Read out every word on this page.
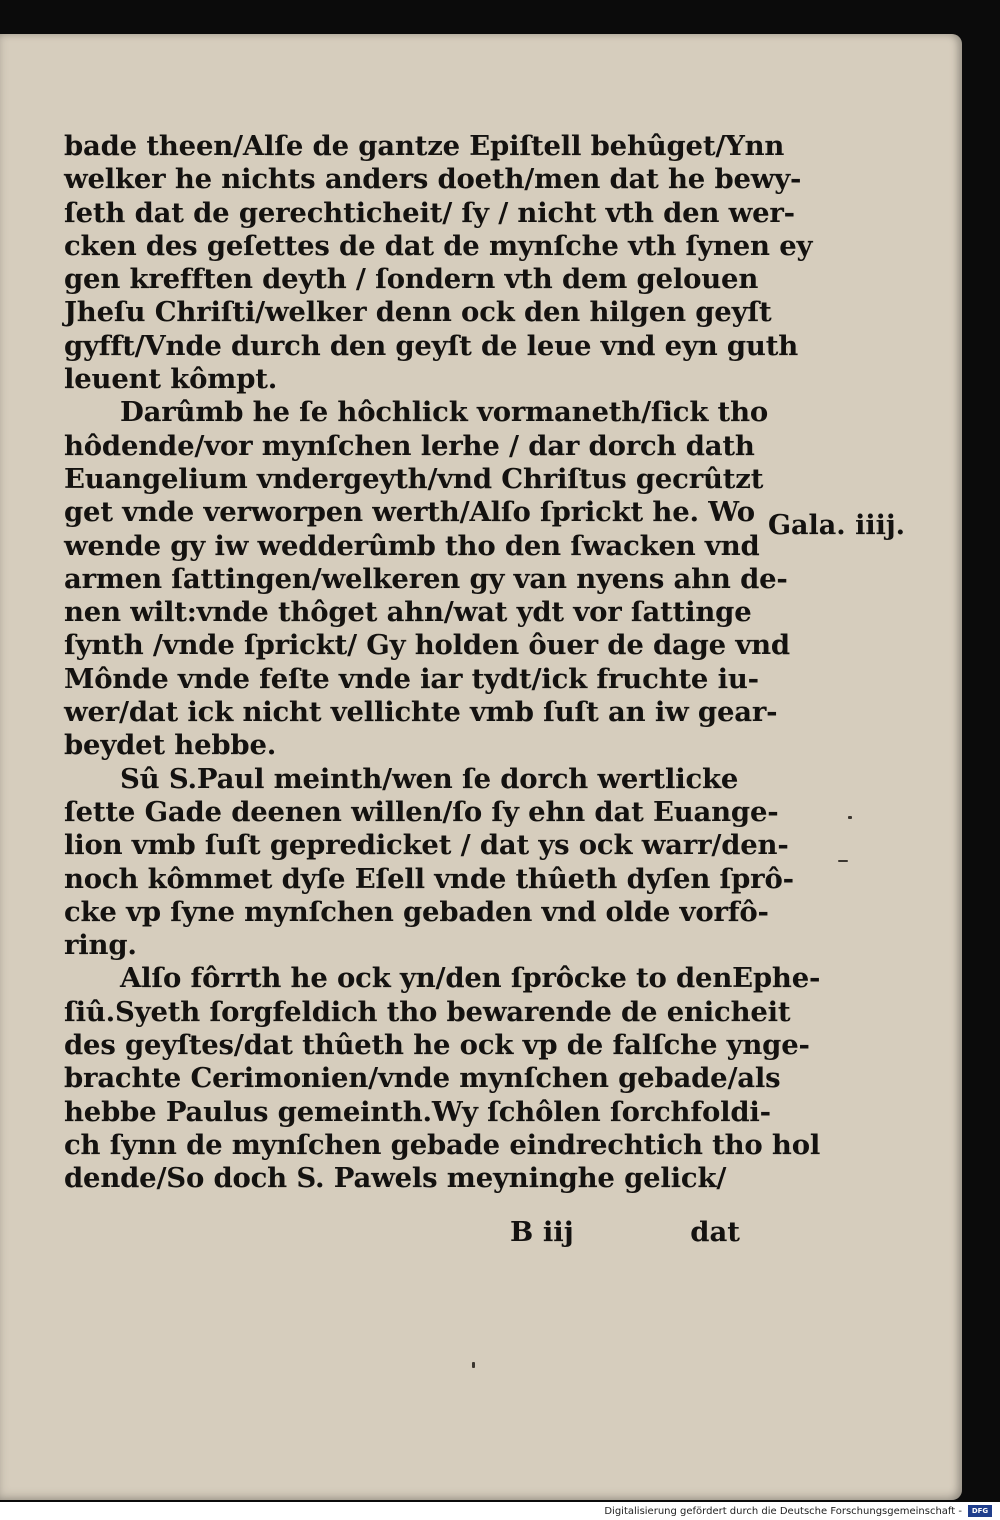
bade theen/Alſe de gantze Epiſtell behûget/Ynn
welker he nichts anders doeth/men dat he bewy-
ſeth dat de gerechticheit/ ſy / nicht vth den wer-
cken des geſettes de dat de mynſche vth ſynen ey
gen krefften deyth / ſondern vth dem gelouen
Jheſu Chriſti/welker denn ock den hilgen geyſt
gyfft/Vnde durch den geyſt de leue vnd eyn guth
leuent kômpt.
Darûmb he ſe hôchlick vormaneth/ſick tho
hôdende/vor mynſchen lerhe / dar dorch dath
Euangelium vndergeyth/vnd Chriſtus gecrûtzt
get vnde verworpen werth/Alſo ſprickt he. Wo
wende gy iw wedderûmb tho den ſwacken vnd
armen ſattingen/welkeren gy van nyens ahn de-
nen wilt:vnde thôget ahn/wat ydt vor ſattinge
ſynth /vnde ſprickt/ Gy holden ôuer de dage vnd
Mônde vnde feſte vnde iar tydt/ick fruchte iu-
wer/dat ick nicht vellichte vmb ſuſt an iw gear-
beydet hebbe.
Sû S.Paul meinth/wen ſe dorch wertlicke
ſette Gade deenen willen/ſo ſy ehn dat Euange-
lion vmb ſuſt gepredicket / dat ys ock warr/den-
noch kômmet dyſe Eſell vnde thûeth dyſen ſprô-
cke vp ſyne mynſchen gebaden vnd olde vorfô-
ring.
Alſo fôrrth he ock yn/den ſprôcke to denEphe-
ſiû.Syeth ſorgfeldich tho bewarende de enicheit
des geyſtes/dat thûeth he ock vp de falſche ynge-
brachte Cerimonien/vnde mynſchen gebade/als
hebbe Paulus gemeinth.Wy ſchôlen ſorchfoldi-
ch ſynn de mynſchen gebade eindrechtich tho hol
dende/So doch S. Pawels meyninghe gelick/
Gala. iiij.
B iij	dat
Digitalisierung gefördert durch die Deutsche Forschungsgemeinschaft -	DFG
